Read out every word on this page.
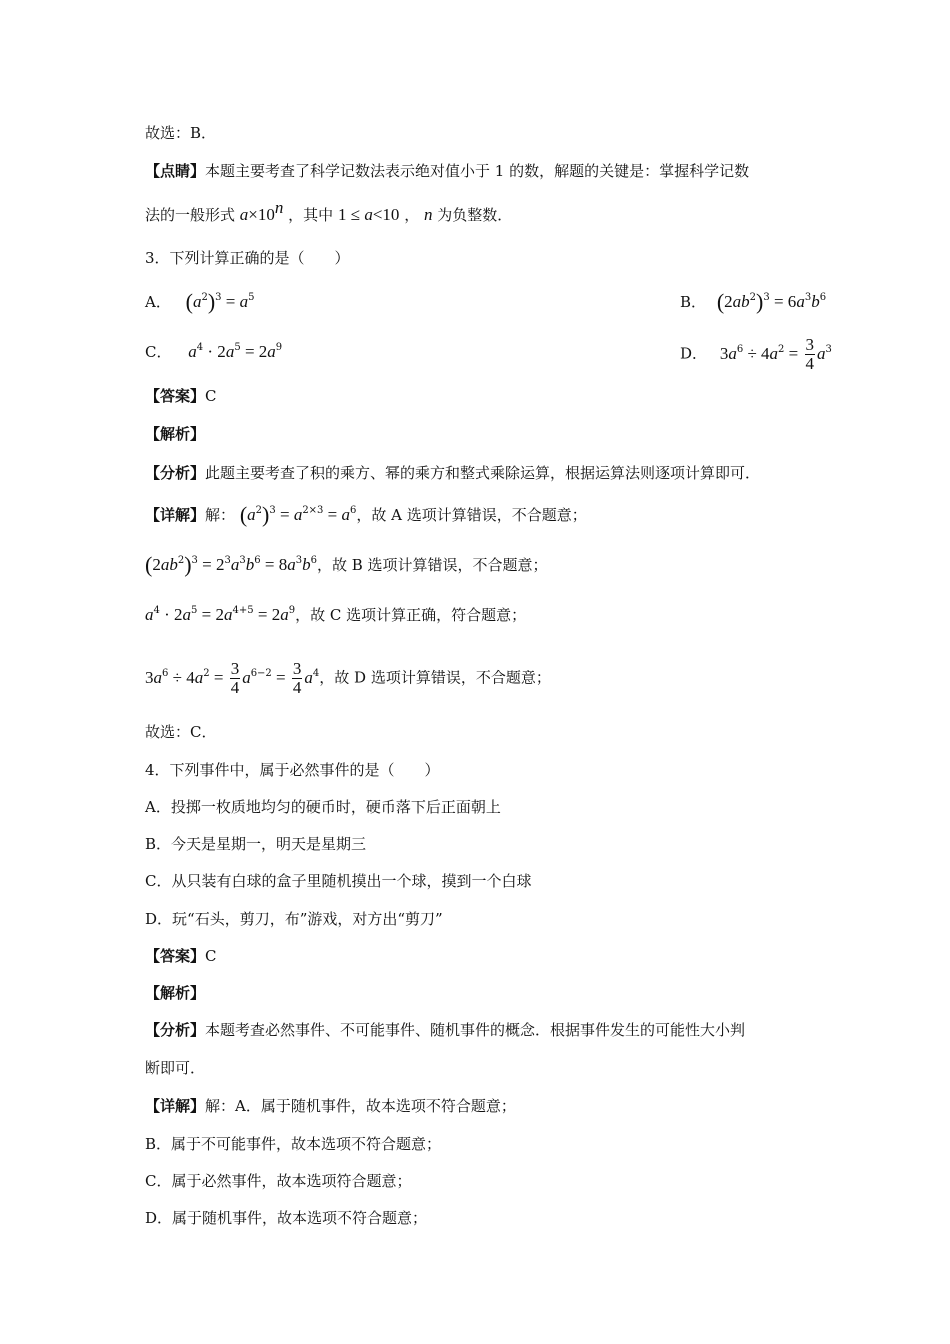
故选：B．
【点睛】本题主要考查了科学记数法表示绝对值小于 1 的数，解题的关键是：掌握科学记数
法的一般形式 $a\times 10^n$ ，其中 1 ≤ a<10 ， n 为负整数．
3．下列计算正确的是（　　）
A． $(a^2)^3 = a^5$	B． $(2ab^2)^3 = 6a^3b^6$
C． $a^4 \cdot 2a^5 = 2a^9$	D． $3a^6 \div 4a^2 = \frac{3}{4} a^3$
【答案】C
【解析】
【分析】此题主要考查了积的乘方、幂的乘方和整式乘除运算，根据运算法则逐项计算即可．
【详解】解： $(a^2)^3 = a^{2\times 3} = a^6$，故 A 选项计算错误，不合题意；
$(2ab^2)^3 = 2^3a^3b^6 = 8a^3b^6$，故 B 选项计算错误，不合题意；
$a^4 \cdot 2a^5 = 2a^{4+5} = 2a^9$，故 C 选项计算正确，符合题意；
$3a^6 \div 4a^2 = \frac{3}{4} a^{6-2} = \frac{3}{4} a^4$，故 D 选项计算错误，不合题意；
故选：C．
4．下列事件中，属于必然事件的是（　　）
A．投掷一枚质地均匀的硬币时，硬币落下后正面朝上
B．今天是星期一，明天是星期三
C．从只装有白球的盒子里随机摸出一个球，摸到一个白球
D．玩“石头，剪刀，布”游戏，对方出“剪刀”
【答案】C
【解析】
【分析】本题考查必然事件、不可能事件、随机事件的概念．根据事件发生的可能性大小判
断即可．
【详解】解：A．属于随机事件，故本选项不符合题意；
B．属于不可能事件，故本选项不符合题意；
C．属于必然事件，故本选项符合题意；
D．属于随机事件，故本选项不符合题意；
